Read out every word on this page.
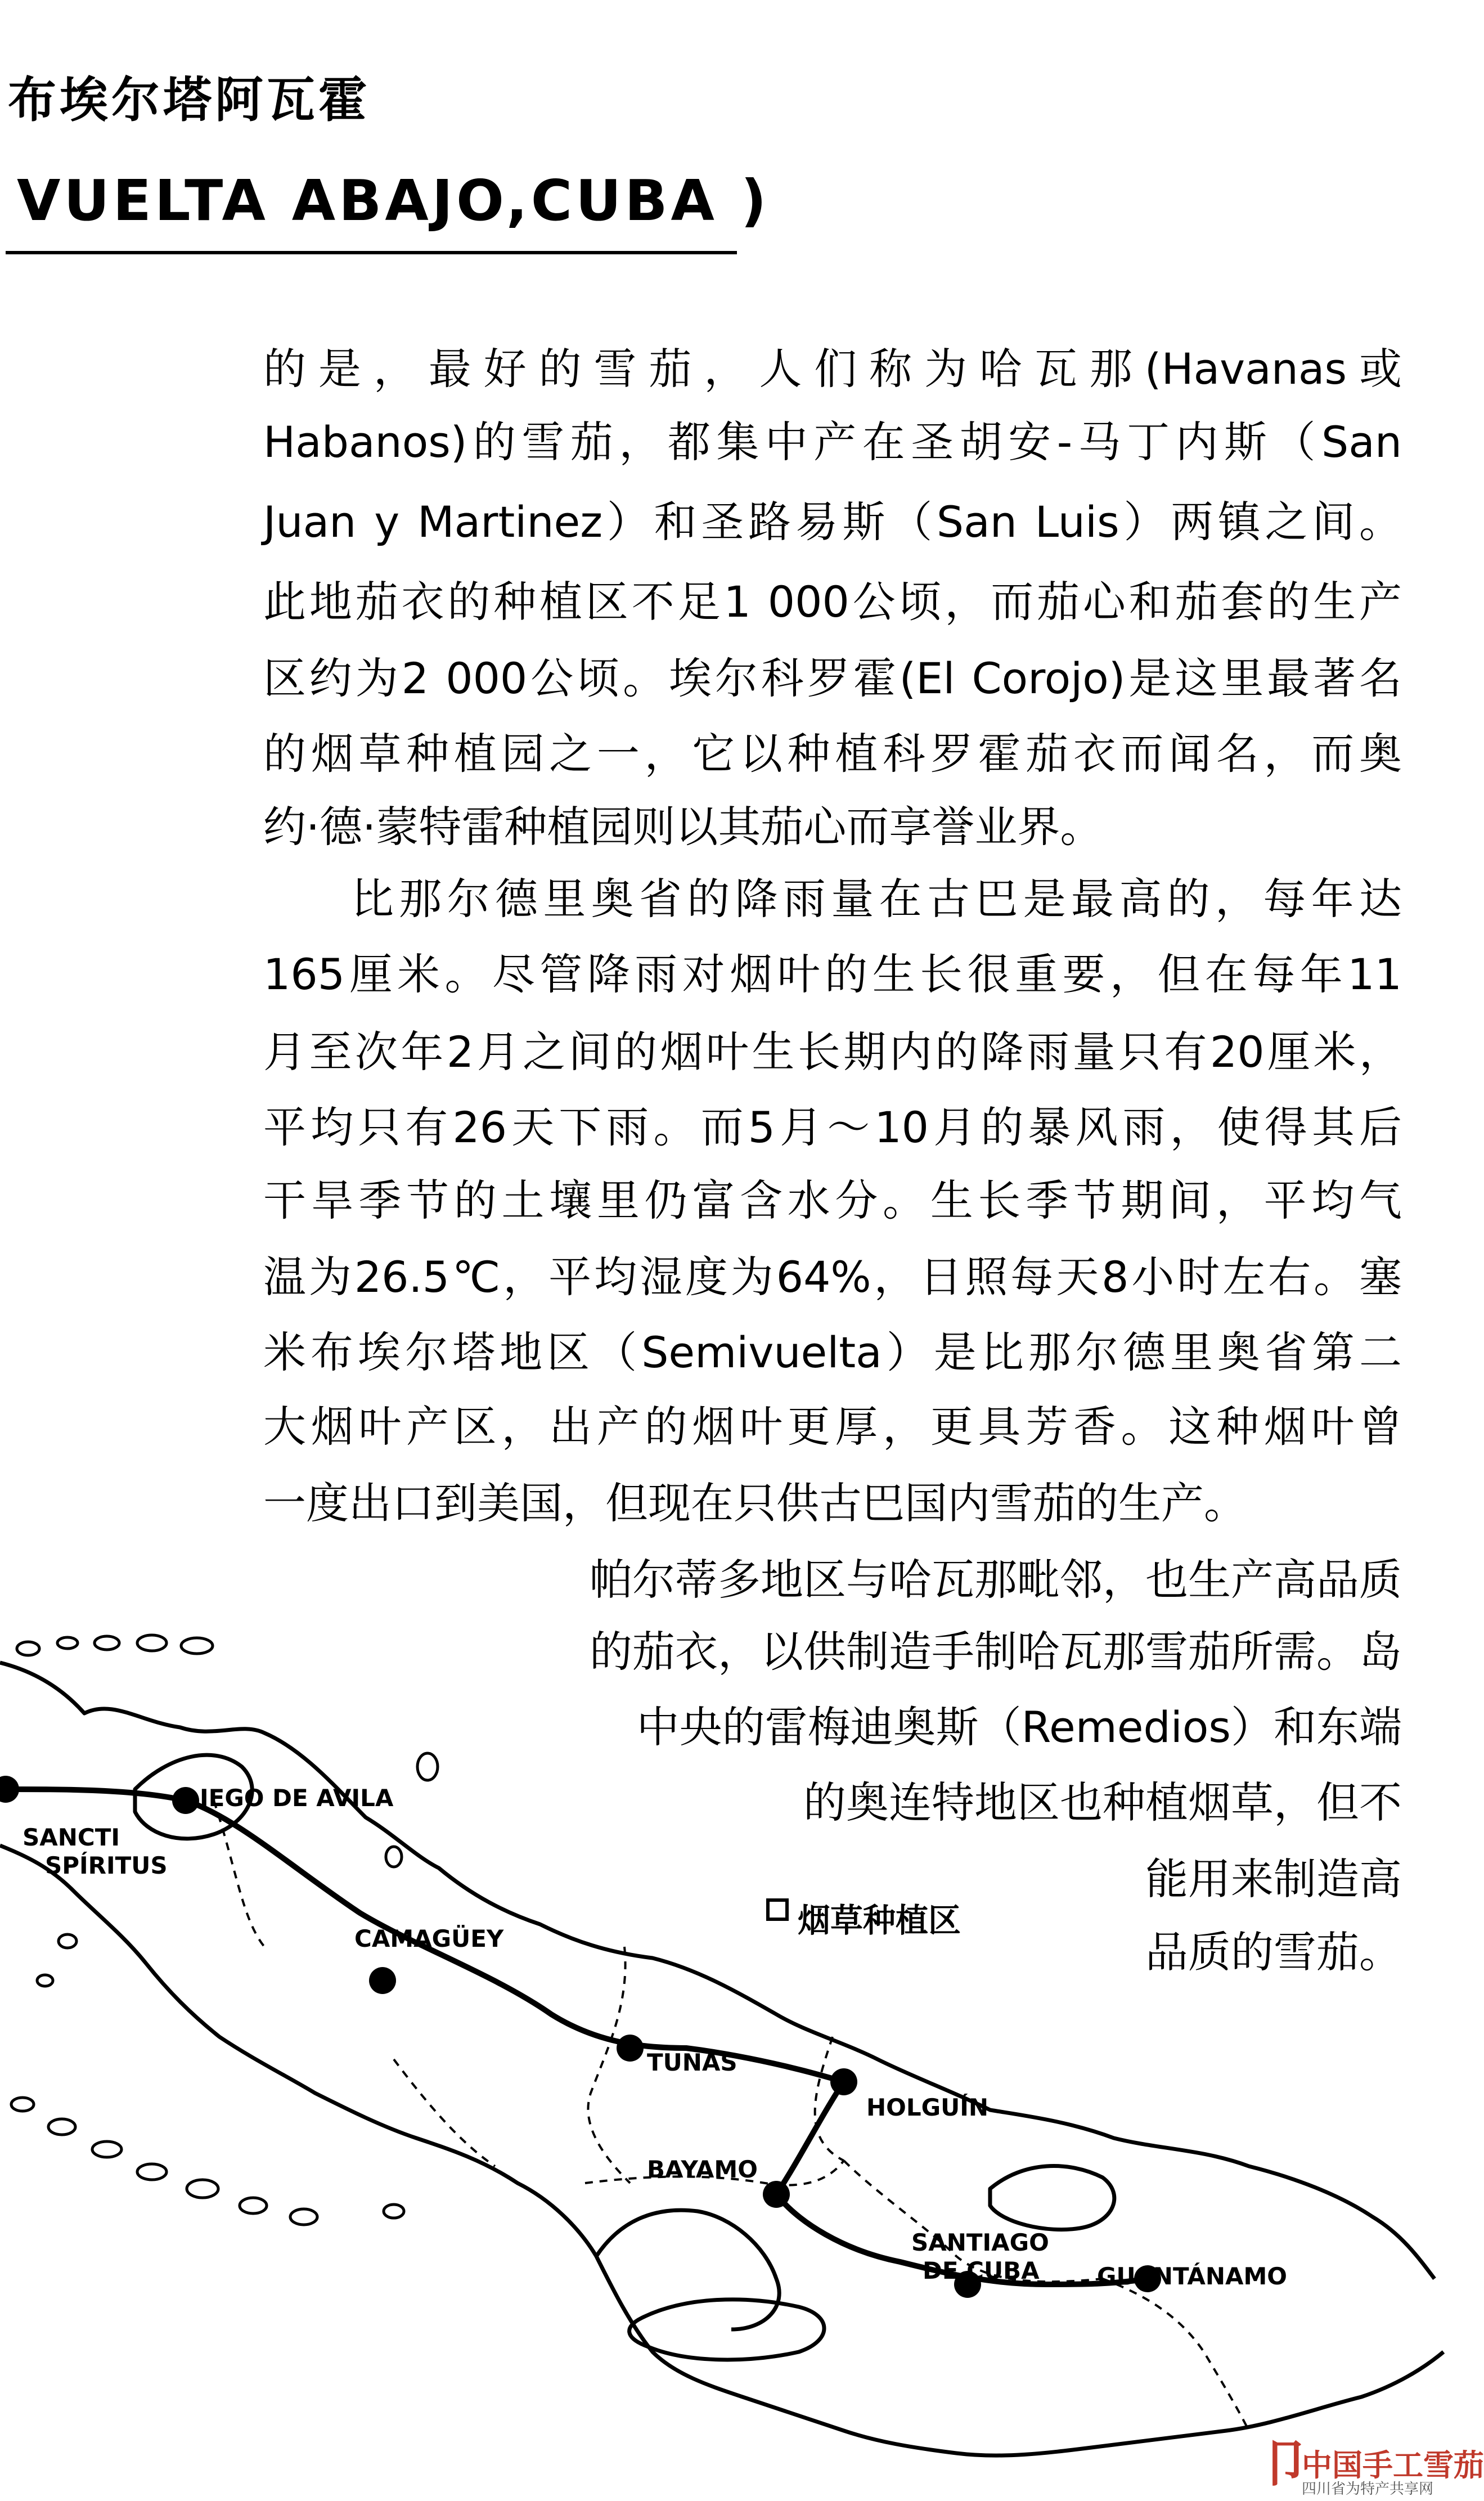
布埃尔塔阿瓦霍
VUELTA ABAJO,CUBA )
的是，最好的雪茄，人们称为哈瓦那(Havanas或
Habanos)的雪茄，都集中产在圣胡安-马丁内斯（San
Juan y Martinez）和圣路易斯（San Luis）两镇之间。
此地茄衣的种植区不足1 000公顷，而茄心和茄套的生产
区约为2 000公顷。埃尔科罗霍(El Corojo)是这里最著名
的烟草种植园之一，它以种植科罗霍茄衣而闻名，而奥
约·德·蒙特雷种植园则以其茄心而享誉业界。
比那尔德里奥省的降雨量在古巴是最高的，每年达
165厘米。尽管降雨对烟叶的生长很重要，但在每年11
月至次年2月之间的烟叶生长期内的降雨量只有20厘米，
平均只有26天下雨。而5月～10月的暴风雨，使得其后
干旱季节的土壤里仍富含水分。生长季节期间，平均气
温为26.5℃，平均湿度为64%，日照每天8小时左右。塞
米布埃尔塔地区（Semivuelta）是比那尔德里奥省第二
大烟叶产区，出产的烟叶更厚，更具芳香。这种烟叶曾
一度出口到美国，但现在只供古巴国内雪茄的生产。
帕尔蒂多地区与哈瓦那毗邻，也生产高品质
的茄衣，以供制造手制哈瓦那雪茄所需。岛
中央的雷梅迪奥斯（Remedios）和东端
的奥连特地区也种植烟草，但不
能用来制造高
品质的雪茄。
IEGO DE AVILA
SANCTI
SPÍRITUS
CAMAGÜEY
TUNAS
HOLGUÍN
BAYAMO
SANTIAGO
DE CUBA GUANTÁNAMO
烟草种植区
卩
中国手工雪茄
四川省为特产共享网
